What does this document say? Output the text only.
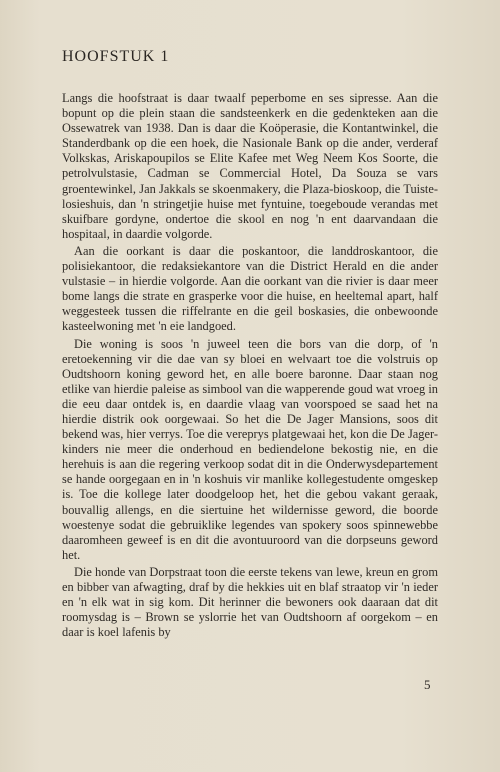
HOOFSTUK 1

Langs die hoofstraat is daar twaalf peperbome en ses sipresse. Aan die bopunt op die plein staan die sandsteenkerk en die gedenkteken aan die Ossewatrek van 1938. Dan is daar die Koöperasie, die Kontantwinkel, die Standerdbank op die een hoek, die Nasionale Bank op die ander, verderaf Volkskas, Ariskapoupilos se Elite Kafee met Weg Neem Kos Soorte, die petrolvulstasie, Cadman se Commercial Hotel, Da Souza se vars groentewinkel, Jan Jakkals se skoenmakery, die Plaza-bioskoop, die Tuiste-losieshuis, dan 'n stringetjie huise met fyntuine, toegeboude verandas met skuifbare gordyne, ondertoe die skool en nog 'n ent daarvandaan die hospitaal, in daardie volgorde.

Aan die oorkant is daar die poskantoor, die landdroskantoor, die polisiekantoor, die redaksiekantore van die District Herald en die ander vulstasie – in hierdie volgorde. Aan die oorkant van die rivier is daar meer bome langs die strate en grasperke voor die huise, en heeltemal apart, half weggesteek tussen die riffelrante en die geil boskasies, die onbewoonde kasteelwoning met 'n eie landgoed.

Die woning is soos 'n juweel teen die bors van die dorp, of 'n eretoekenning vir die dae van sy bloei en welvaart toe die volstruis op Oudtshoorn koning geword het, en alle boere baronne. Daar staan nog etlike van hierdie paleise as simbool van die wapperende goud wat vroeg in die eeu daar ontdek is, en daardie vlaag van voorspoed se saad het na hierdie distrik ook oorgewaai. So het die De Jager Mansions, soos dit bekend was, hier verrys. Toe die vereprys platgewaai het, kon die De Jager-kinders nie meer die onderhoud en bediendelone bekostig nie, en die herehuis is aan die regering verkoop sodat dit in die Onderwysdepartement se hande oorgegaan en in 'n koshuis vir manlike kollegestudente omgeskep is. Toe die kollege later doodgeloop het, het die gebou vakant geraak, bouvallig allengs, en die siertuine het wildernisse geword, die boorde woestenye sodat die gebruiklike legendes van spokery soos spinnewebbe daaromheen geweef is en dit die avontuuroord van die dorpseuns geword het.

Die honde van Dorpstraat toon die eerste tekens van lewe, kreun en grom en bibber van afwagting, draf by die hekkies uit en blaf straatop vir 'n ieder en 'n elk wat in sig kom. Dit herinner die bewoners ook daaraan dat dit roomysdag is – Brown se yslorrie het van Oudtshoorn af oorgekom – en daar is koel lafenis by

5
